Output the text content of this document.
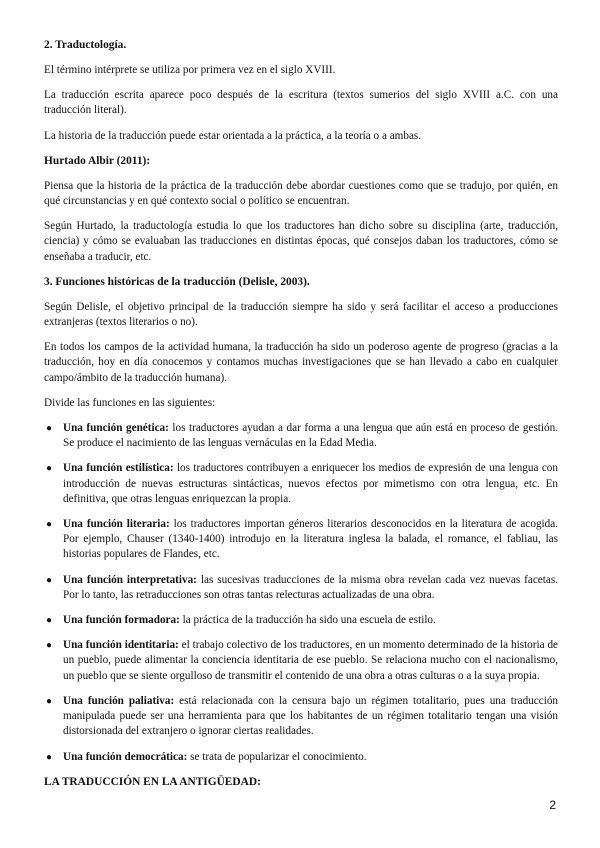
2. Traductología.

El término intérprete se utiliza por primera vez en el siglo XVIII.

La traducción escrita aparece poco después de la escritura (textos sumerios del siglo XVIII a.C. con una traducción literal).

La historia de la traducción puede estar orientada a la práctica, a la teoría o a ambas.

Hurtado Albir (2011):

Piensa que la historia de la práctica de la traducción debe abordar cuestiones como que se tradujo, por quién, en qué circunstancias y en qué contexto social o político se encuentran.

Según Hurtado, la traductología estudia lo que los traductores han dicho sobre su disciplina (arte, traducción, ciencia) y cómo se evaluaban las traducciones en distintas épocas, qué consejos daban los traductores, cómo se enseñaba a traducir, etc.

3. Funciones históricas de la traducción (Delisle, 2003).

Según Delisle, el objetivo principal de la traducción siempre ha sido y será facilitar el acceso a producciones extranjeras (textos literarios o no).

En todos los campos de la actividad humana, la traducción ha sido un poderoso agente de progreso (gracias a la traducción, hoy en día conocemos y contamos muchas investigaciones que se han llevado a cabo en cualquier campo/ámbito de la traducción humana).

Divide las funciones en las siguientes:

● Una función genética: los traductores ayudan a dar forma a una lengua que aún está en proceso de gestión. Se produce el nacimiento de las lenguas vernáculas en la Edad Media.
● Una función estilística: los traductores contribuyen a enriquecer los medios de expresión de una lengua con introducción de nuevas estructuras sintácticas, nuevos efectos por mimetismo con otra lengua, etc. En definitiva, que otras lenguas enriquezcan la propia.
● Una función literaria: los traductores importan géneros literarios desconocidos en la literatura de acogida. Por ejemplo, Chauser (1340-1400) introdujo en la literatura inglesa la balada, el romance, el fabliau, las historias populares de Flandes, etc.
● Una función interpretativa: las sucesivas traducciones de la misma obra revelan cada vez nuevas facetas. Por lo tanto, las retraducciones son otras tantas relecturas actualizadas de una obra.
● Una función formadora: la práctica de la traducción ha sido una escuela de estilo.
● Una función identitaria: el trabajo colectivo de los traductores, en un momento determinado de la historia de un pueblo, puede alimentar la conciencia identitaria de ese pueblo. Se relaciona mucho con el nacionalismo, un pueblo que se siente orgulloso de transmitir el contenido de una obra a otras culturas o a la suya propia.
● Una función paliativa: está relacionada con la censura bajo un régimen totalitario, pues una traducción manipulada puede ser una herramienta para que los habitantes de un régimen totalitario tengan una visión distorsionada del extranjero o ignorar ciertas realidades.
● Una función democrática: se trata de popularizar el conocimiento.
LA TRADUCCIÓN EN LA ANTIGÜEDAD:
2
